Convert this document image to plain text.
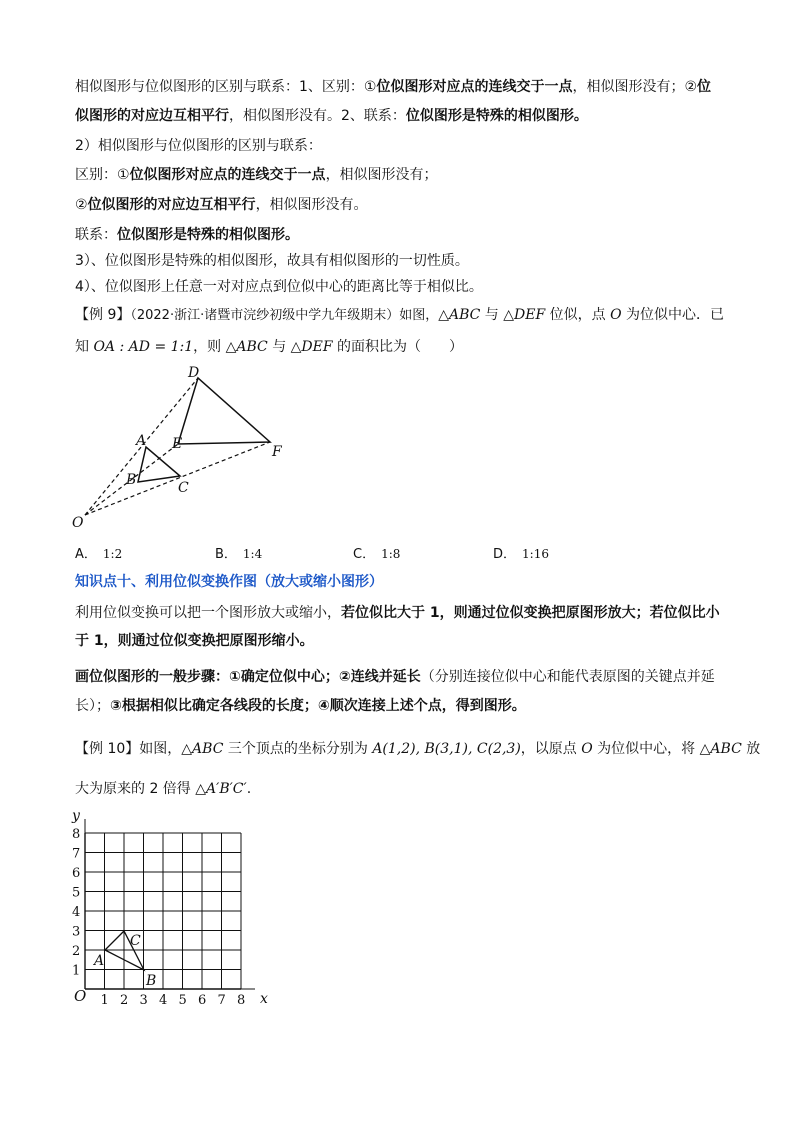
相似图形与位似图形的区别与联系：1、区别：①位似图形对应点的连线交于一点，相似图形没有；②位
似图形的对应边互相平行，相似图形没有。2、联系：位似图形是特殊的相似图形。
2）相似图形与位似图形的区别与联系：
区别：①位似图形对应点的连线交于一点，相似图形没有；
②位似图形的对应边互相平行，相似图形没有。
联系：位似图形是特殊的相似图形。
3）、位似图形是特殊的相似图形，故具有相似图形的一切性质。
4）、位似图形上任意一对对应点到位似中心的距离比等于相似比。
【例 9】（2022·浙江·诸暨市浣纱初级中学九年级期末）如图，△ABC 与 △DEF 位似，点 O 为位似中心．已
知 OA : AD = 1:1，则 △ABC 与 △DEF 的面积比为（　　）
O
A
B	C
D
E	F
A． 1:2	B． 1:4	C． 1:8	D． 1:16
知识点十、利用位似变换作图（放大或缩小图形）
利用位似变换可以把一个图形放大或缩小，若位似比大于 1，则通过位似变换把原图形放大；若位似比小
于 1，则通过位似变换把原图形缩小。
画位似图形的一般步骤：①确定位似中心；②连线并延长（分别连接位似中心和能代表原图的关键点并延
长）；③根据相似比确定各线段的长度；④顺次连接上述个点，得到图形。
【例 10】如图，△ABC 三个顶点的坐标分别为 A(1,2), B(3,1), C(2,3)，以原点 O 为位似中心，将 △ABC 放
大为原来的 2 倍得 △A′B′C′.
A
B
C
O	x
y
1 2 3 4 5 6 7 8
1
2
3
4
5
6
7
8
